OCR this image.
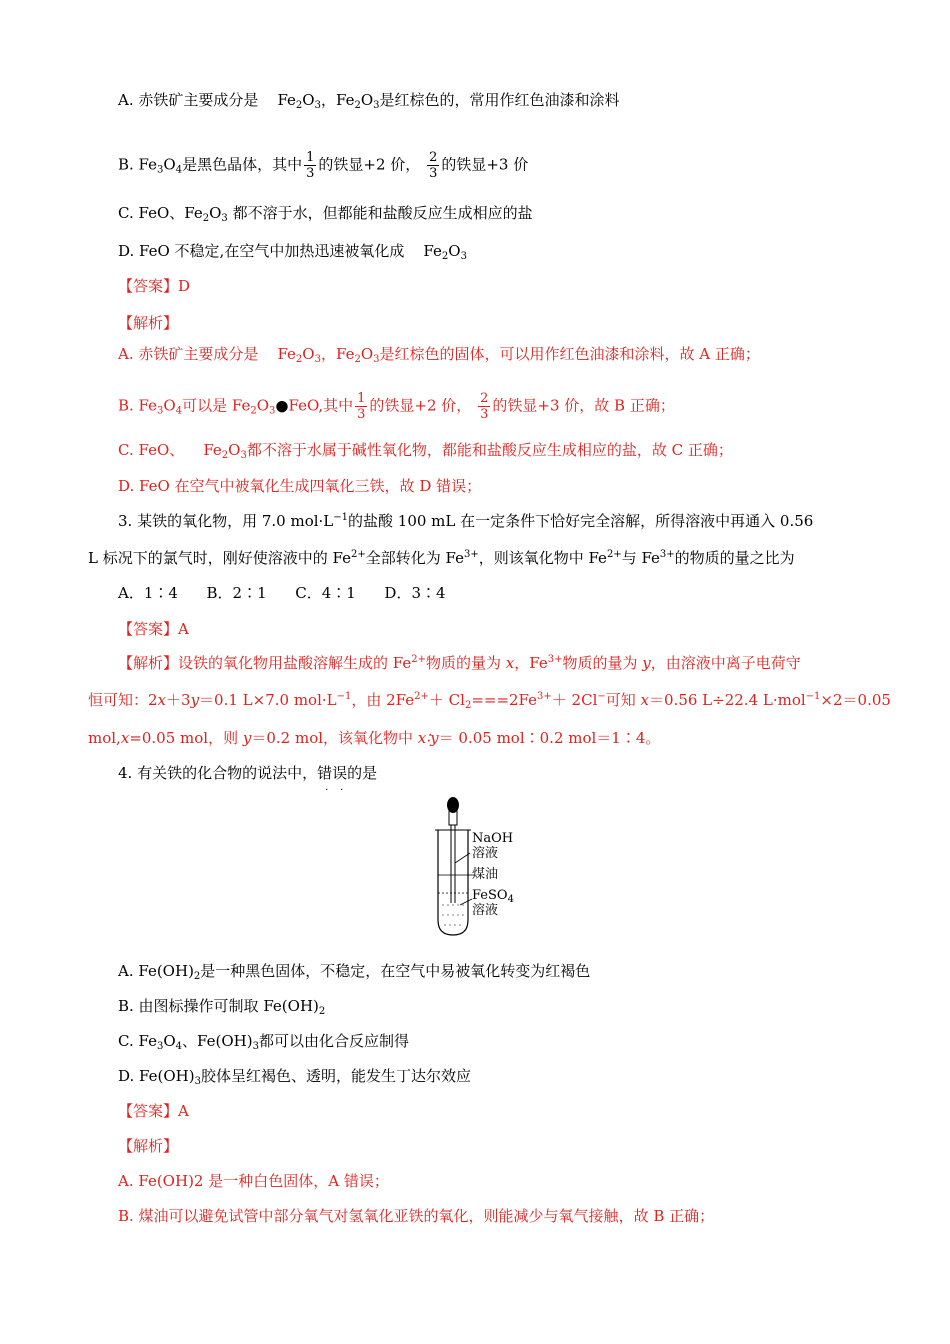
A. 赤铁矿主要成分是 $Fe_2O_3$，$Fe_2O_3$是红棕色的，常用作红色油漆和涂料
B. $Fe_3O_4$是黑色晶体，其中 $\frac{1}{3}$ 的铁显+2 价， $\frac{2}{3}$ 的铁显+3 价
C. FeO、$Fe_2O_3$ 都不溶于水，但都能和盐酸反应生成相应的盐
D. FeO 不稳定,在空气中加热迅速被氧化成 $Fe_2O_3$
【答案】D
【解析】
A. 赤铁矿主要成分是 $Fe_2O_3$，$Fe_2O_3$是红棕色的固体，可以用作红色油漆和涂料，故 A 正确；
B. $Fe_3O_4$可以是 $Fe_2O_3●FeO$,其中 $\frac{1}{3}$ 的铁显+2 价， $\frac{2}{3}$ 的铁显+3 价，故 B 正确；
C. FeO、 $Fe_2O_3$都不溶于水属于碱性氧化物，都能和盐酸反应生成相应的盐，故 C 正确；
D. FeO 在空气中被氧化生成四氧化三铁，故 D 错误；
3. 某铁的氧化物，用 7.0 $mol\cdot L^{-1}$的盐酸 100 mL 在一定条件下恰好完全溶解，所得溶液中再通入 0.56
L 标况下的氯气时，刚好使溶液中的 $Fe^{2+}$全部转化为 $Fe^{3+}$，则该氧化物中 $Fe^{2+}$与 $Fe^{3+}$的物质的量之比为
A．1∶4      B．2∶1      C．4∶1      D．3∶4
【答案】A
【解析】设铁的氧化物用盐酸溶解生成的 $Fe^{2+}$物质的量为 x，$Fe^{3+}$物质的量为 y，由溶液中离子电荷守
恒可知：2x＋3y＝0.1 L×7.0 $mol\cdot L^{-1}$，由 $2Fe^{2+}+ Cl_2===2Fe^{3+}+ 2Cl^-$可知 x＝0.56 L÷22.4 L·mol$^{-1}$×2＝0.05
mol,x=0.05 mol，则 y＝0.2 mol，该氧化物中 x∶y＝ 0.05 mol∶0.2 mol＝1∶4。
4. 有关铁的化合物的说法中，错误
· ·
的是
NaOH
溶液
煤油
FeSO$_4$
溶液
A. $Fe(OH)_2$是一种黑色固体，不稳定，在空气中易被氧化转变为红褐色
B. 由图标操作可制取 $Fe(OH)_2$
C. $Fe_3O_4$、$Fe(OH)_3$都可以由化合反应制得
D. $Fe(OH)_3$胶体呈红褐色、透明，能发生丁达尔效应
【答案】A
【解析】
A. Fe(OH)2 是一种白色固体，A 错误；
B. 煤油可以避免试管中部分氧气对氢氧化亚铁的氧化，则能减少与氧气接触，故 B 正确；
